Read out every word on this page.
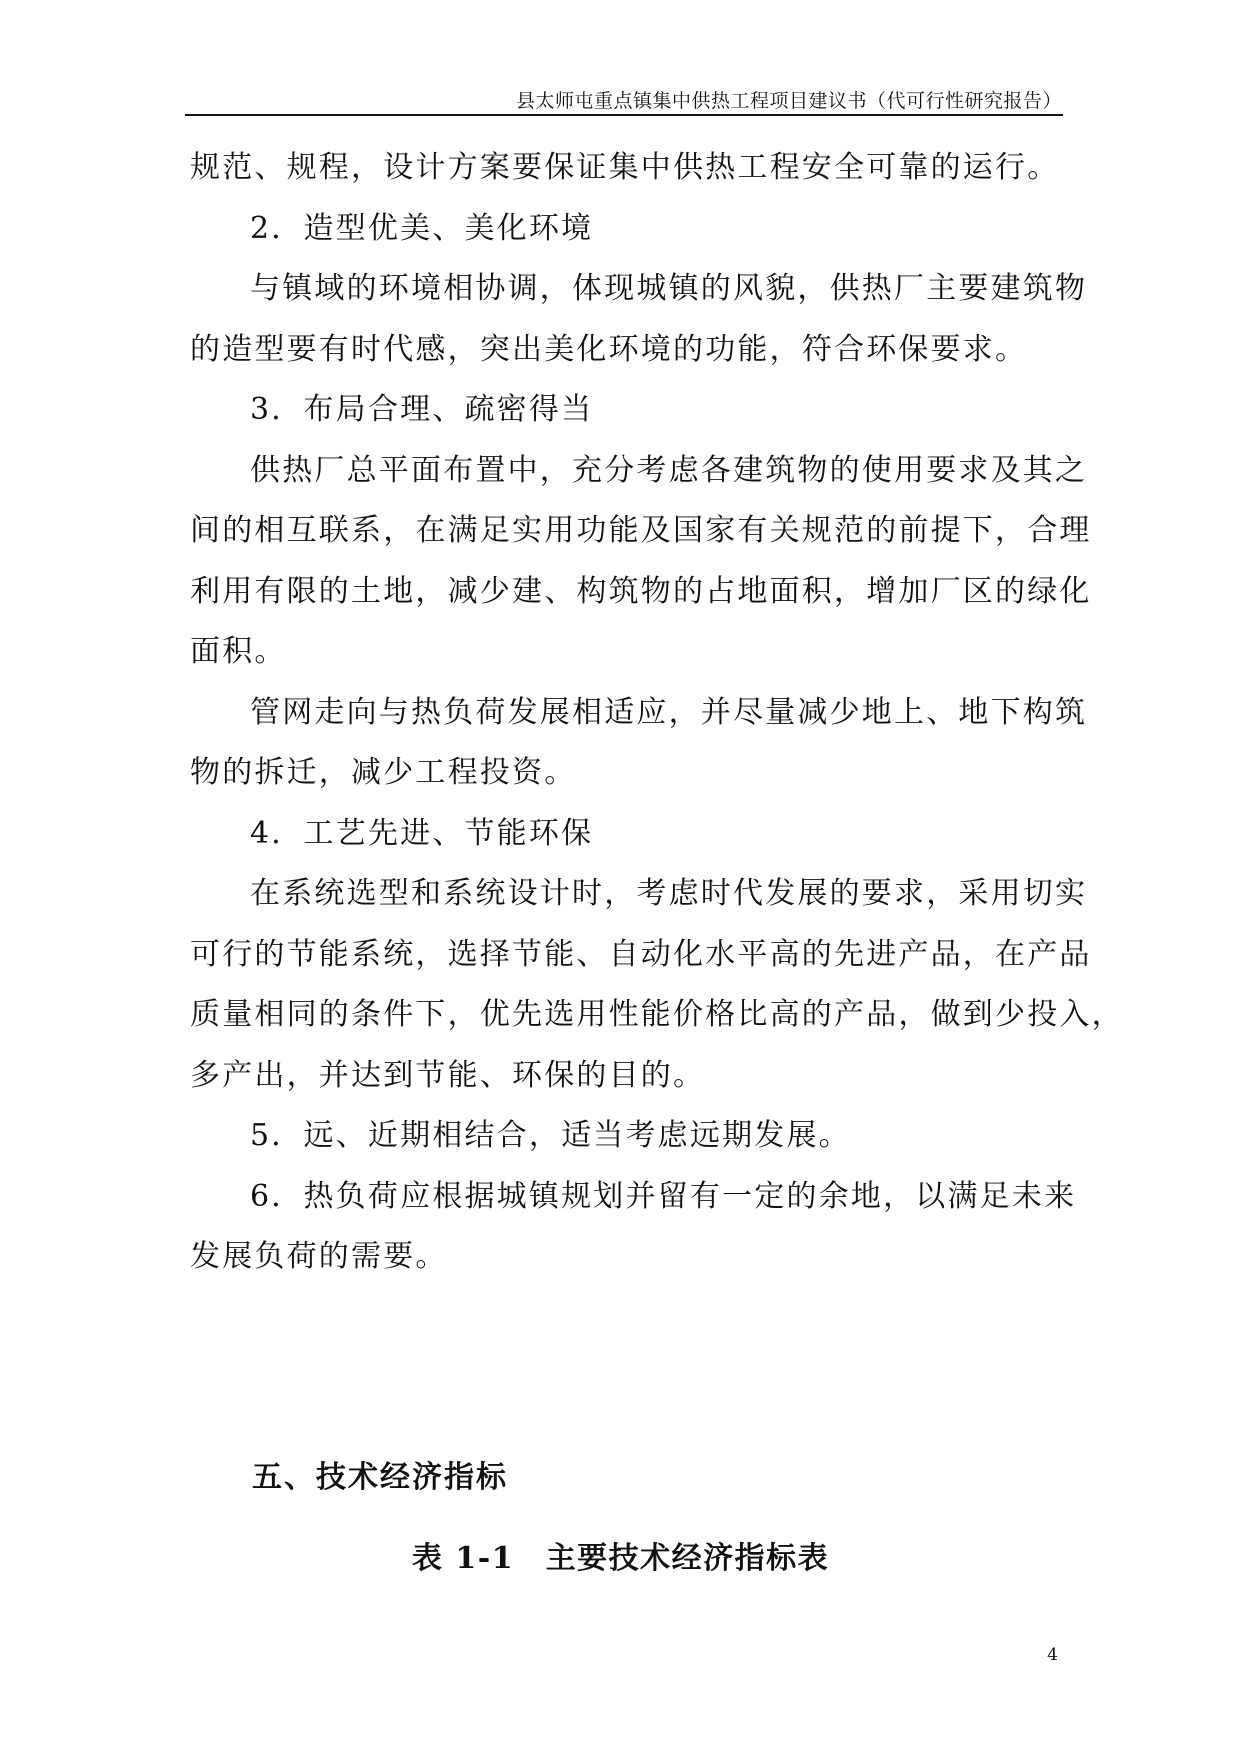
县太师屯重点镇集中供热工程项目建议书（代可行性研究报告）
规范、规程，设计方案要保证集中供热工程安全可靠的运行。
2．造型优美、美化环境
与镇域的环境相协调，体现城镇的风貌，供热厂主要建筑物
的造型要有时代感，突出美化环境的功能，符合环保要求。
3．布局合理、疏密得当
供热厂总平面布置中，充分考虑各建筑物的使用要求及其之
间的相互联系，在满足实用功能及国家有关规范的前提下，合理
利用有限的土地，减少建、构筑物的占地面积，增加厂区的绿化
面积。
管网走向与热负荷发展相适应，并尽量减少地上、地下构筑
物的拆迁，减少工程投资。
4．工艺先进、节能环保
在系统选型和系统设计时，考虑时代发展的要求，采用切实
可行的节能系统，选择节能、自动化水平高的先进产品，在产品
质量相同的条件下，优先选用性能价格比高的产品，做到少投入，
多产出，并达到节能、环保的目的。
5．远、近期相结合，适当考虑远期发展。
6．热负荷应根据城镇规划并留有一定的余地，以满足未来
发展负荷的需要。
五、技术经济指标
表 1-1　主要技术经济指标表
4
